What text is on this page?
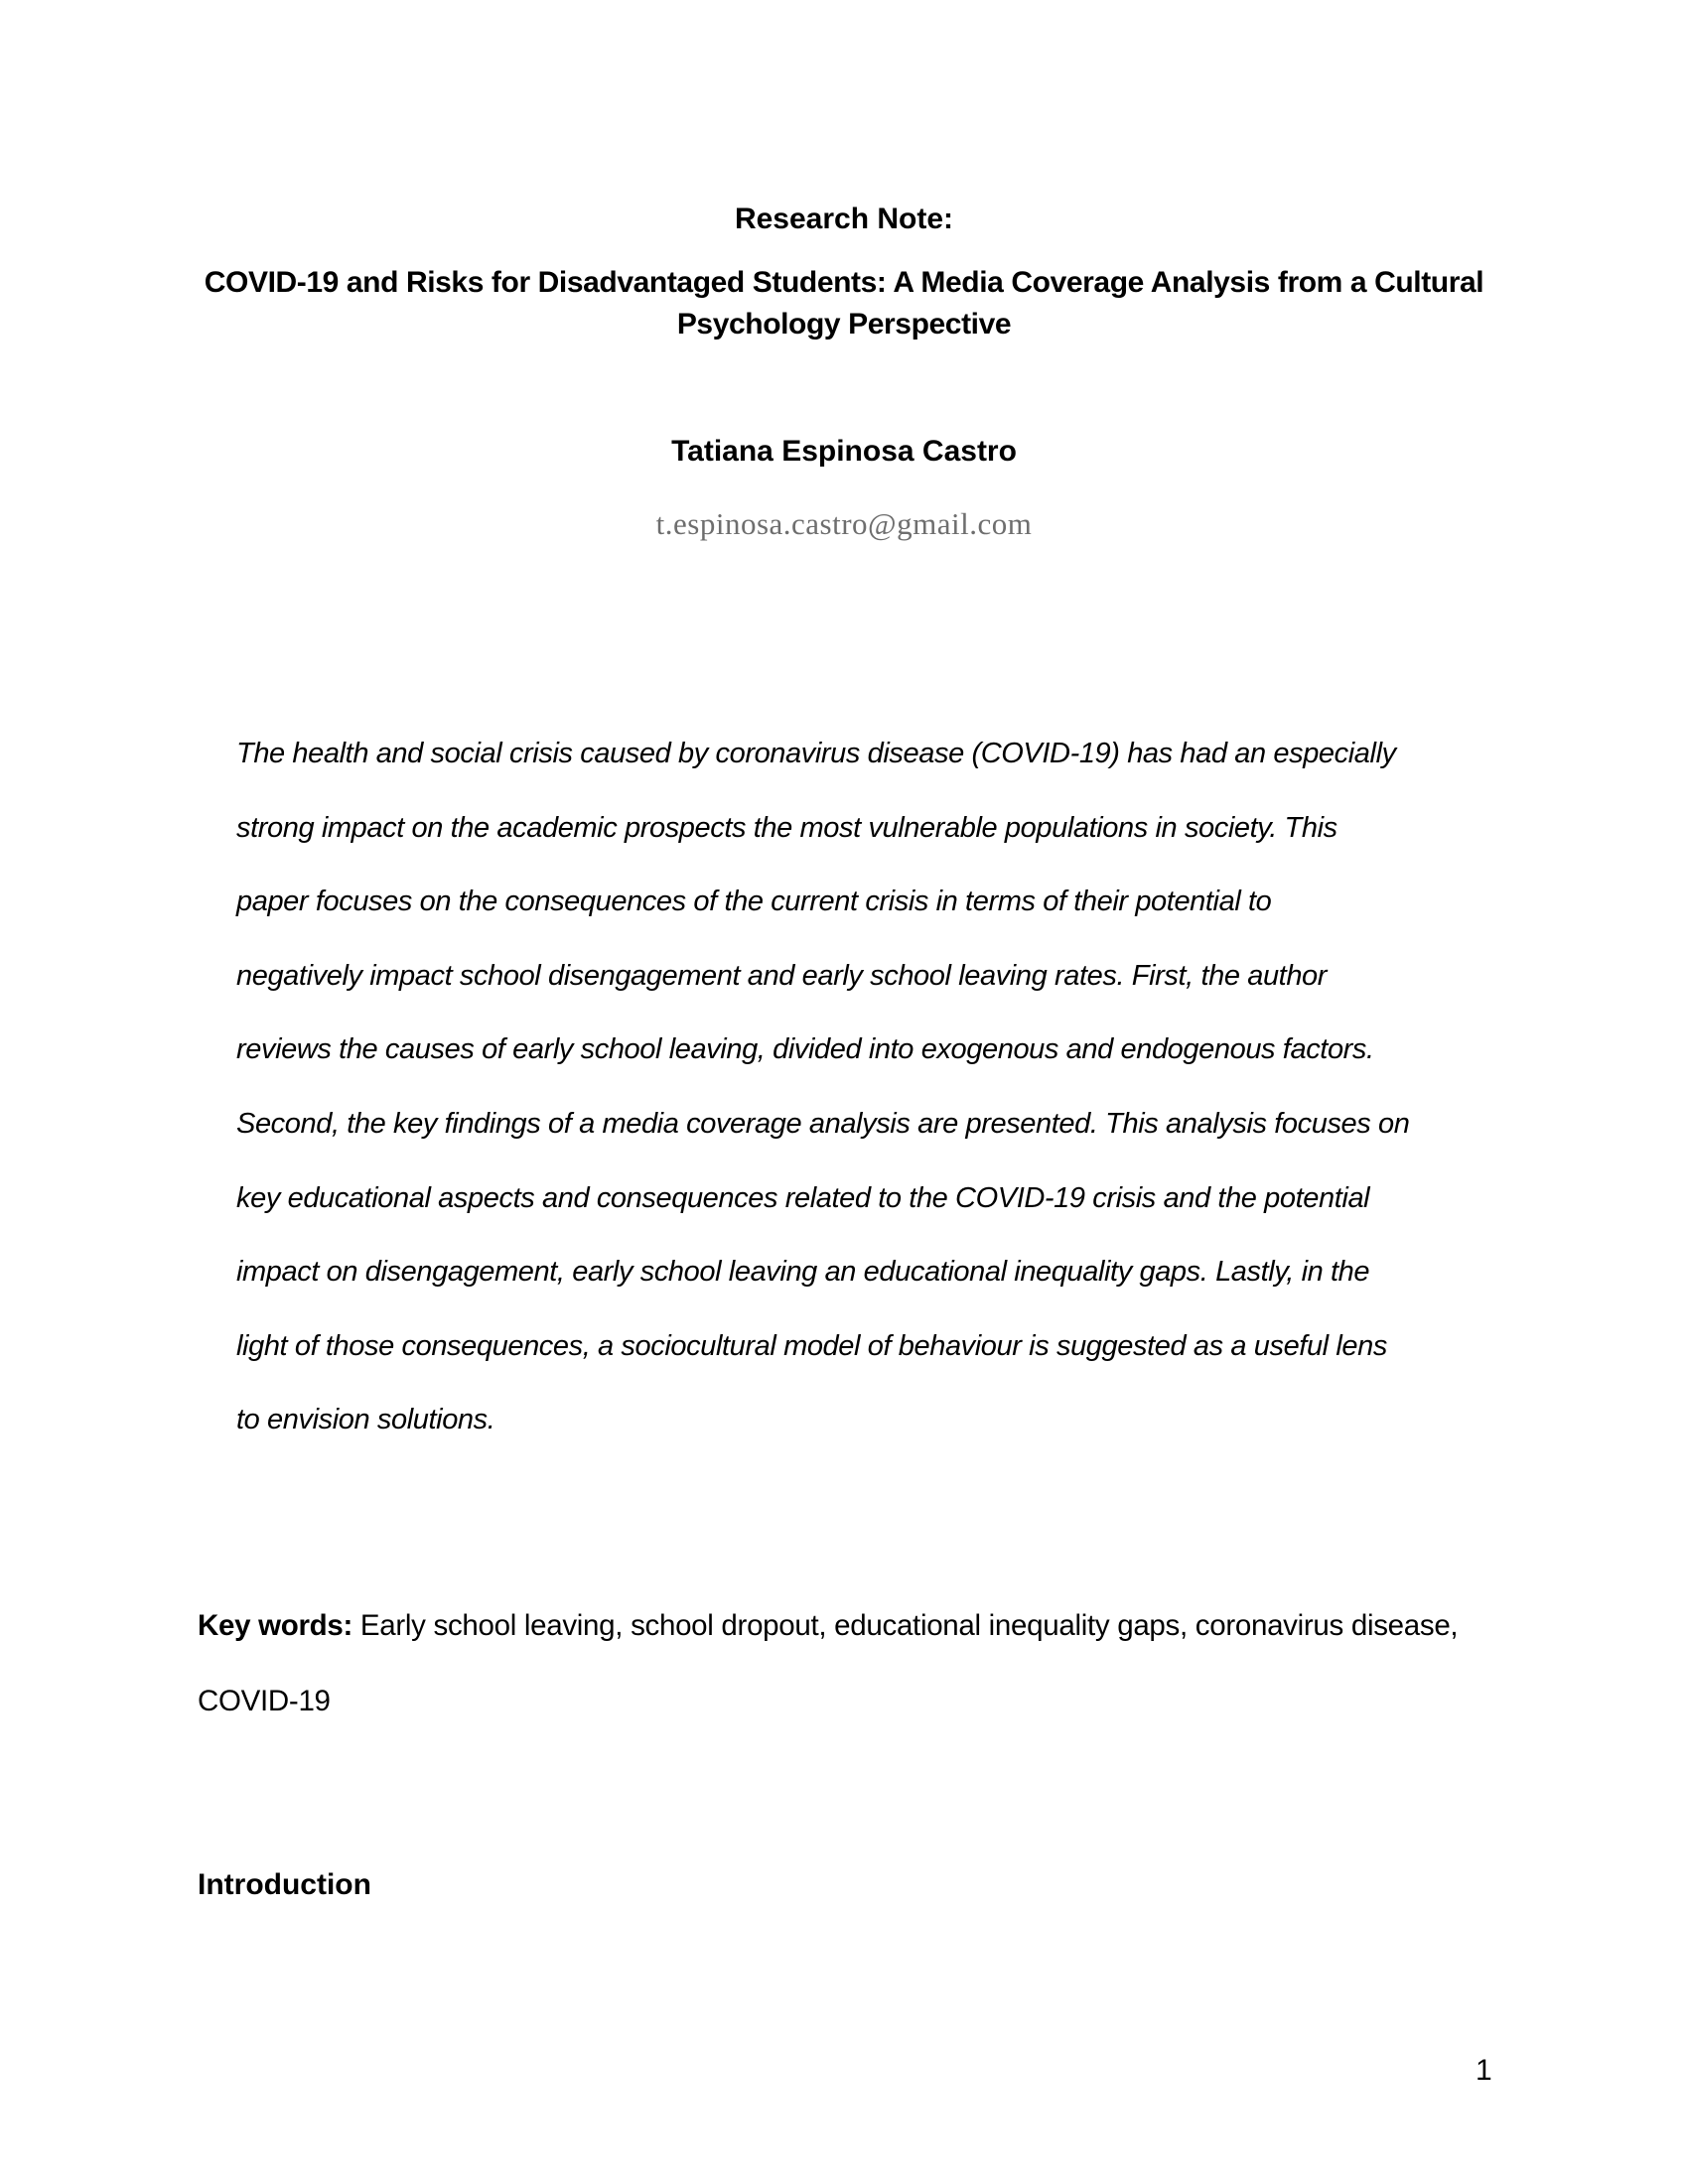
Research Note:
COVID-19 and Risks for Disadvantaged Students: A Media Coverage Analysis from a Cultural
Psychology Perspective
Tatiana Espinosa Castro
t.espinosa.castro@gmail.com
The health and social crisis caused by coronavirus disease (COVID-19) has had an especially
strong impact on the academic prospects the most vulnerable populations in society. This
paper focuses on the consequences of the current crisis in terms of their potential to
negatively impact school disengagement and early school leaving rates. First, the author
reviews the causes of early school leaving, divided into exogenous and endogenous factors.
Second, the key findings of a media coverage analysis are presented. This analysis focuses on
key educational aspects and consequences related to the COVID-19 crisis and the potential
impact on disengagement, early school leaving an educational inequality gaps. Lastly, in the
light of those consequences, a sociocultural model of behaviour is suggested as a useful lens
to envision solutions.
Key words: Early school leaving, school dropout, educational inequality gaps, coronavirus disease,
COVID-19
Introduction
1
